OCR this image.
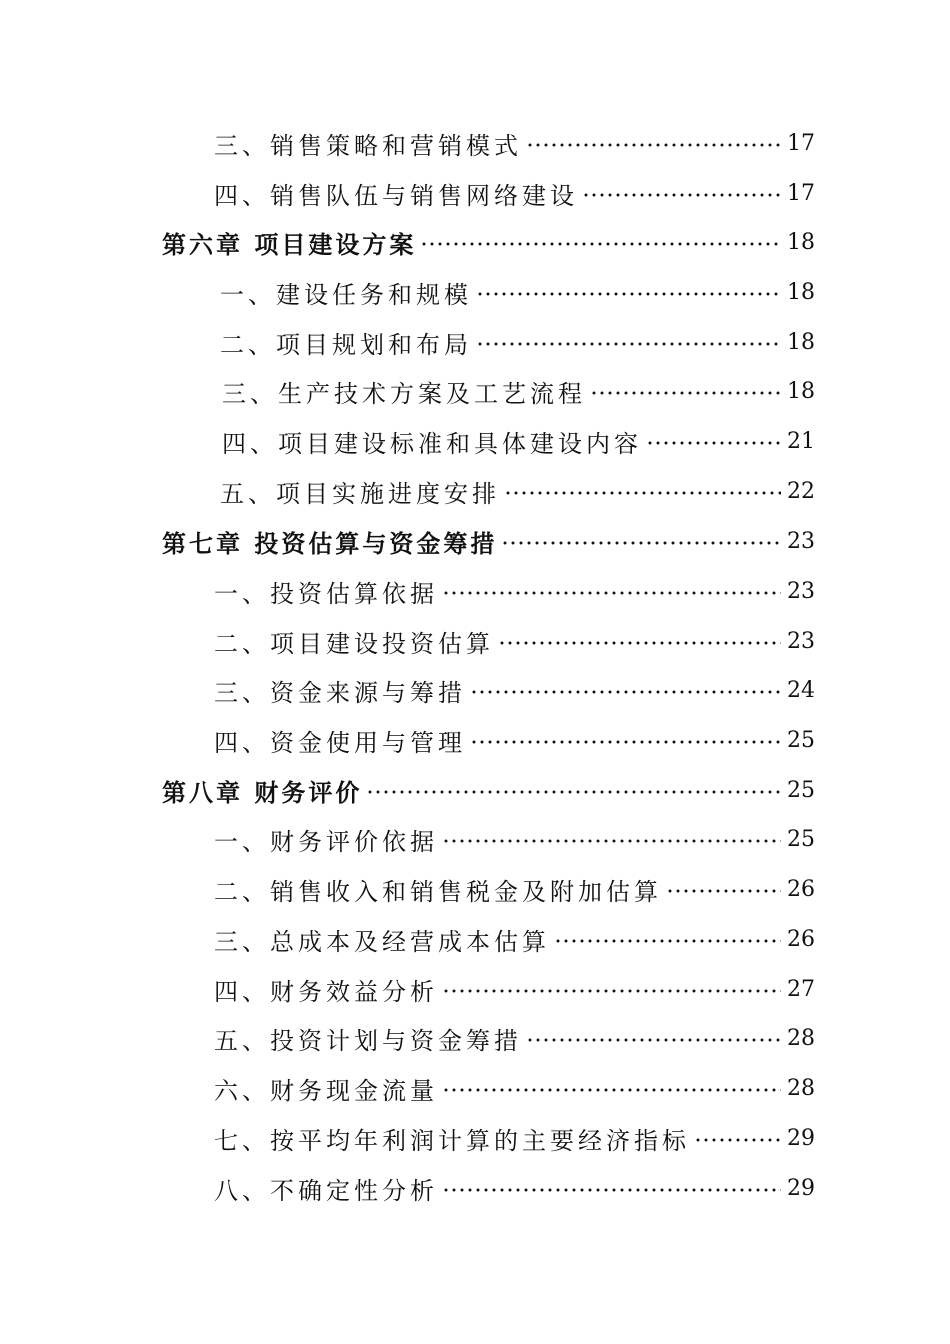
三、销售策略和营销模式	17
四、销售队伍与销售网络建设	17
第六章 项目建设方案	18
一、建设任务和规模	18
二、项目规划和布局	18
三、生产技术方案及工艺流程	18
四、项目建设标准和具体建设内容	21
五、项目实施进度安排	22
第七章 投资估算与资金筹措	23
一、投资估算依据	23
二、项目建设投资估算	23
三、资金来源与筹措	24
四、资金使用与管理	25
第八章 财务评价	25
一、财务评价依据	25
二、销售收入和销售税金及附加估算	26
三、总成本及经营成本估算	26
四、财务效益分析	27
五、投资计划与资金筹措	28
六、财务现金流量	28
七、按平均年利润计算的主要经济指标	29
八、不确定性分析	29
